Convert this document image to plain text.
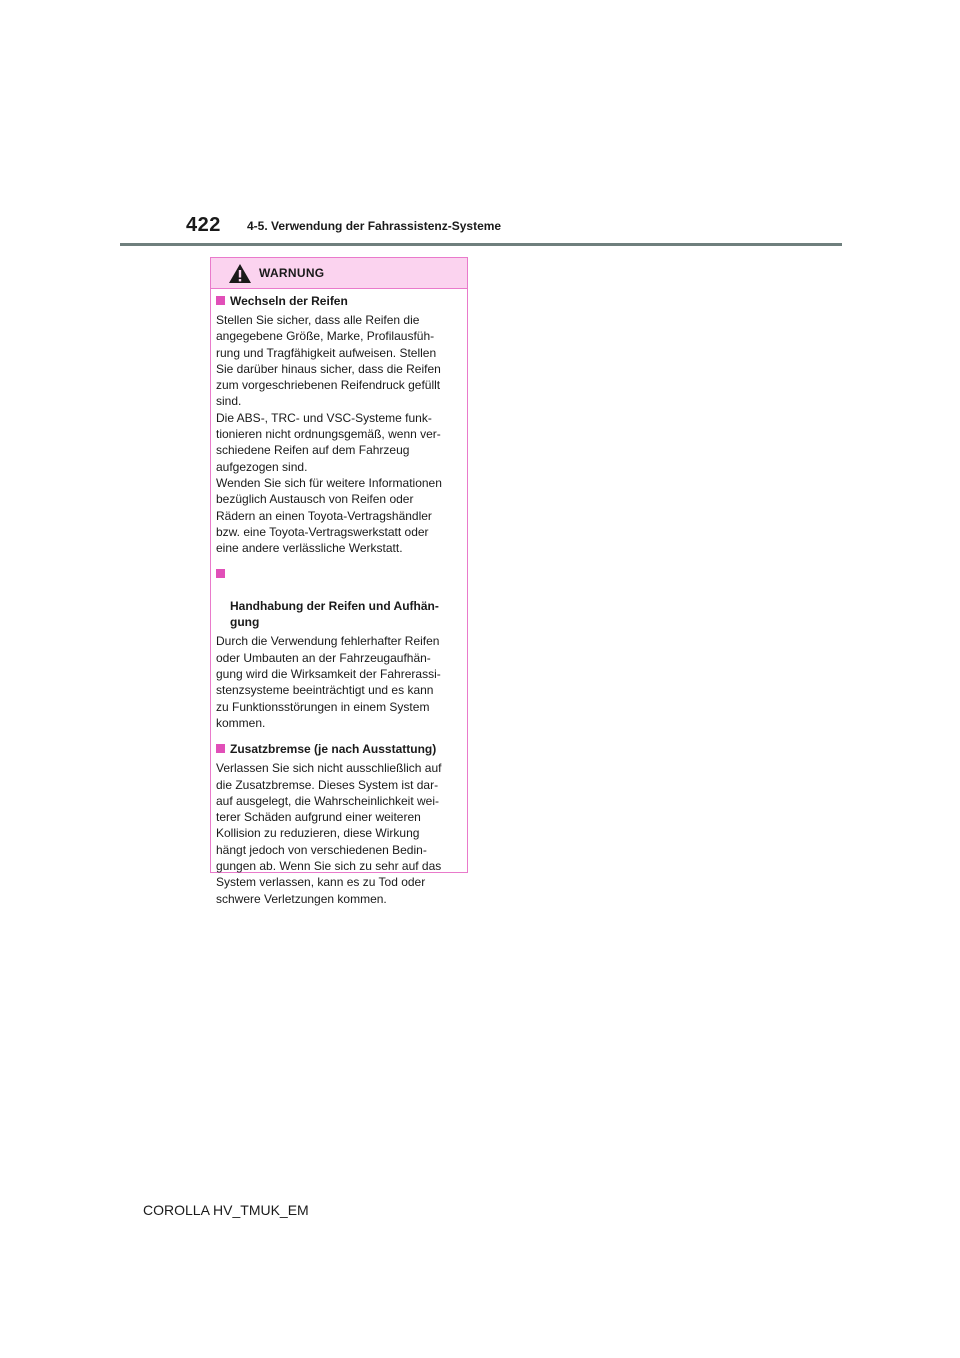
422 4-5. Verwendung der Fahrassistenz-Systeme
WARNUNG
Wechseln der Reifen
Stellen Sie sicher, dass alle Reifen die
angegebene Größe, Marke, Profilausfüh-
rung und Tragfähigkeit aufweisen. Stellen
Sie darüber hinaus sicher, dass die Reifen
zum vorgeschriebenen Reifendruck gefüllt
sind.
Die ABS-, TRC- und VSC-Systeme funk-
tionieren nicht ordnungsgemäß, wenn ver-
schiedene Reifen auf dem Fahrzeug
aufgezogen sind.
Wenden Sie sich für weitere Informationen
bezüglich Austausch von Reifen oder
Rädern an einen Toyota-Vertragshändler
bzw. eine Toyota-Vertragswerkstatt oder
eine andere verlässliche Werkstatt.

Handhabung der Reifen und Aufhän-
gung

Durch die Verwendung fehlerhafter Reifen
oder Umbauten an der Fahrzeugaufhän-
gung wird die Wirksamkeit der Fahrerassi-
stenzsysteme beeinträchtigt und es kann
zu Funktionsstörungen in einem System
kommen.
Zusatzbremse (je nach Ausstattung)
Verlassen Sie sich nicht ausschließlich auf
die Zusatzbremse. Dieses System ist dar-
auf ausgelegt, die Wahrscheinlichkeit wei-
terer Schäden aufgrund einer weiteren
Kollision zu reduzieren, diese Wirkung
hängt jedoch von verschiedenen Bedin-
gungen ab. Wenn Sie sich zu sehr auf das
System verlassen, kann es zu Tod oder
schwere Verletzungen kommen.
COROLLA HV_TMUK_EM
